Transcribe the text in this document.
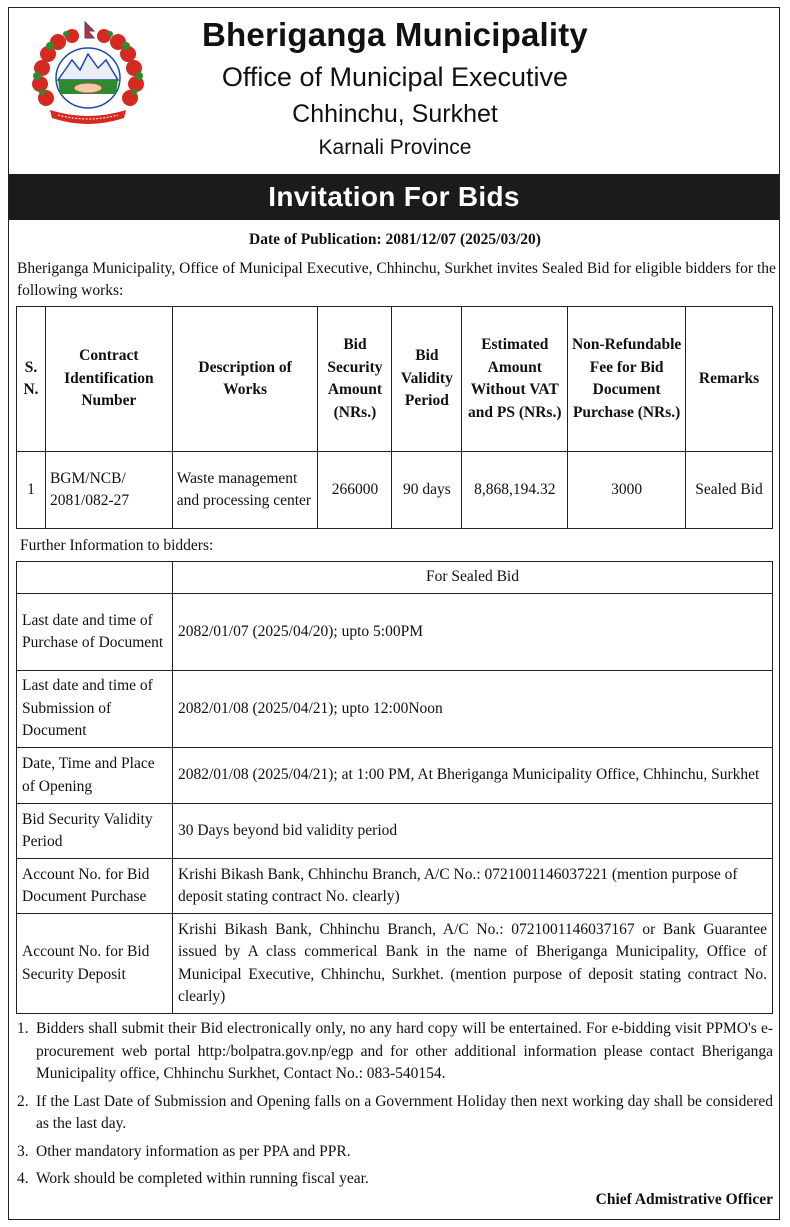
Bheriganga Municipality
Office of Municipal Executive
Chhinchu, Surkhet
Karnali Province
Invitation For Bids
Date of Publication: 2081/12/07 (2025/03/20)
Bheriganga Municipality, Office of Municipal Executive, Chhinchu, Surkhet invites Sealed Bid for eligible bidders for the following works:
S. N.	Contract Identification Number	Description of Works	Bid Security Amount (NRs.)	Bid Validity Period	Estimated Amount Without VAT and PS (NRs.)	Non-Refundable Fee for Bid Document Purchase (NRs.)	Remarks
1	BGM/NCB/ 2081/082-27	Waste management and processing center	266000	90 days	8,868,194.32	3000	Sealed Bid
Further Information to bidders:
	For Sealed Bid
Last date and time of Purchase of Document	2082/01/07 (2025/04/20); upto 5:00PM
Last date and time of Submission of Document	2082/01/08 (2025/04/21); upto 12:00Noon
Date, Time and Place of Opening	2082/01/08 (2025/04/21); at 1:00 PM, At Bheriganga Municipality Office, Chhinchu, Surkhet
Bid Security Validity Period	30 Days beyond bid validity period
Account No. for Bid Document Purchase	Krishi Bikash Bank, Chhinchu Branch, A/C No.: 0721001146037221 (mention purpose of deposit stating contract No. clearly)
Account No. for Bid Security Deposit	Krishi Bikash Bank, Chhinchu Branch, A/C No.: 0721001146037167 or Bank Guarantee issued by A class commerical Bank in the name of Bheriganga Municipality, Office of Municipal Executive, Chhinchu, Surkhet. (mention purpose of deposit stating contract No. clearly)
1. Bidders shall submit their Bid electronically only, no any hard copy will be entertained. For e-bidding visit PPMO's e-procurement web portal http:/bolpatra.gov.np/egp and for other additional information please contact Bheriganga Municipality office, Chhinchu Surkhet, Contact No.: 083-540154.
2. If the Last Date of Submission and Opening falls on a Government Holiday then next working day shall be considered as the last day.
3. Other mandatory information as per PPA and PPR.
4. Work should be completed within running fiscal year.
Chief Admistrative Officer
